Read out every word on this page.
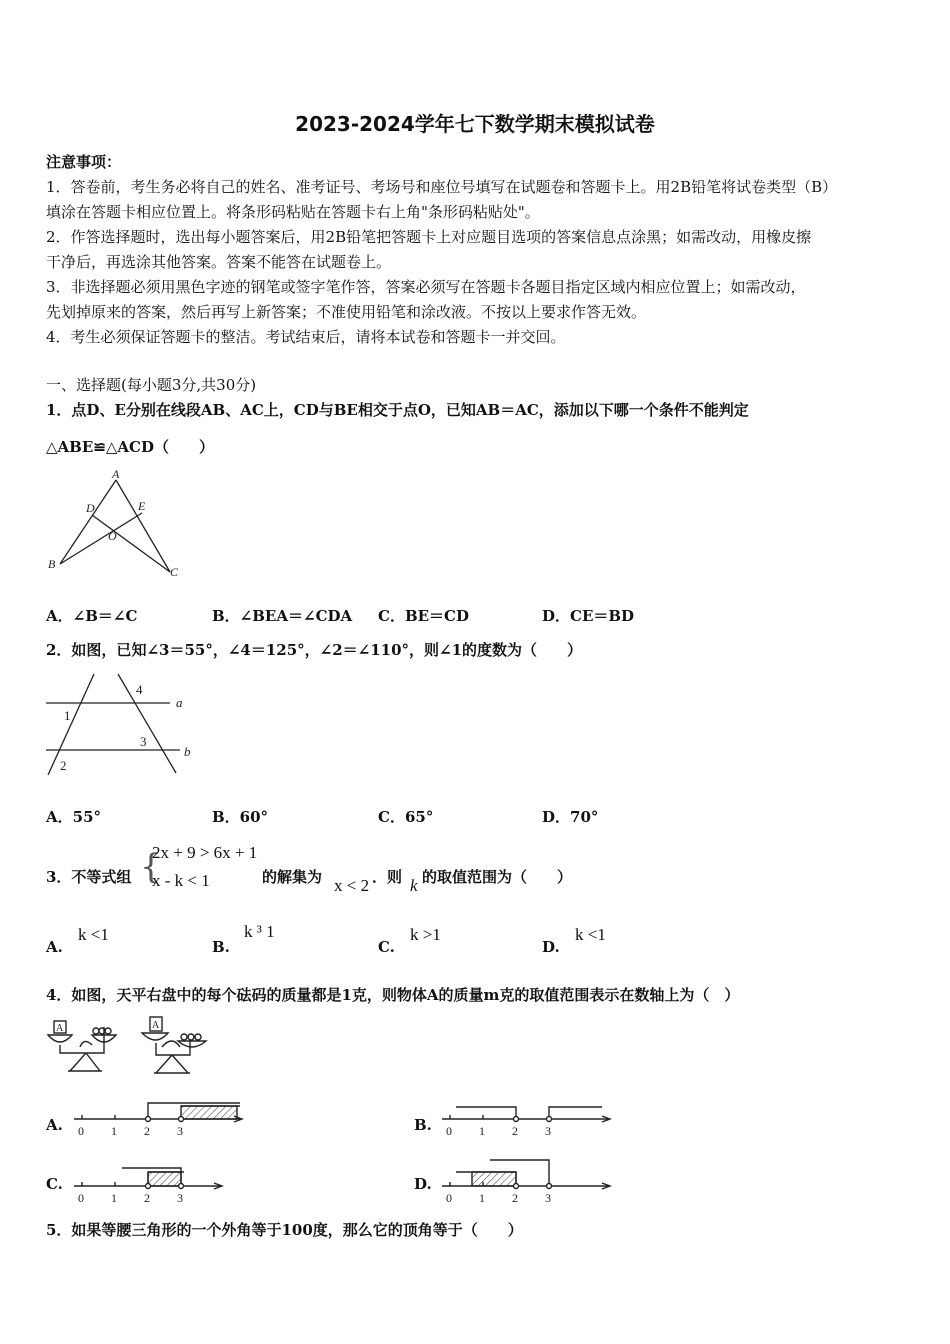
2023-2024学年七下数学期末模拟试卷
注意事项：
1．答卷前，考生务必将自己的姓名、准考证号、考场号和座位号填写在试题卷和答题卡上。用2B铅笔将试卷类型（B）
填涂在答题卡相应位置上。将条形码粘贴在答题卡右上角"条形码粘贴处"。
2．作答选择题时，选出每小题答案后，用2B铅笔把答题卡上对应题目选项的答案信息点涂黑；如需改动，用橡皮擦
干净后，再选涂其他答案。答案不能答在试题卷上。
3．非选择题必须用黑色字迹的钢笔或签字笔作答，答案必须写在答题卡各题目指定区域内相应位置上；如需改动，
先划掉原来的答案，然后再写上新答案；不准使用铅笔和涂改液。不按以上要求作答无效。
4．考生必须保证答题卡的整洁。考试结束后，请将本试卷和答题卡一并交回。
一、选择题(每小题3分,共30分)
1．点D、E分别在线段AB、AC上，CD与BE相交于点O，已知AB＝AC，添加以下哪一个条件不能判定
△ABE≌△ACD（　　）
A
D	E
O
B
C
A．∠B＝∠C	B．∠BEA＝∠CDA C．BE＝CD	D．CE＝BD
2．如图，已知∠3＝55°，∠4＝125°，∠2＝∠110°，则∠1的度数为（　　）
4
a
1
3
b
2
A．55°	B．60°	C．65°	D．70°
3．不等式组 {
2x + 9 > 6x + 1
x - k < 1	的解集为 x < 2 ．则 k 的取值范围为（　　）
A.
k <1
B.
k ³ 1
C.
k >1
D.
k <1
4．如图，天平右盘中的每个砝码的质量都是1克，则物体A的质量m克的取值范围表示在数轴上为（　）
A	A
A. 0 1 2 3	B. 0 1 2 3
C.
0 1 2 3
D.
0 1 2 3
5．如果等腰三角形的一个外角等于100度，那么它的顶角等于（　　）
